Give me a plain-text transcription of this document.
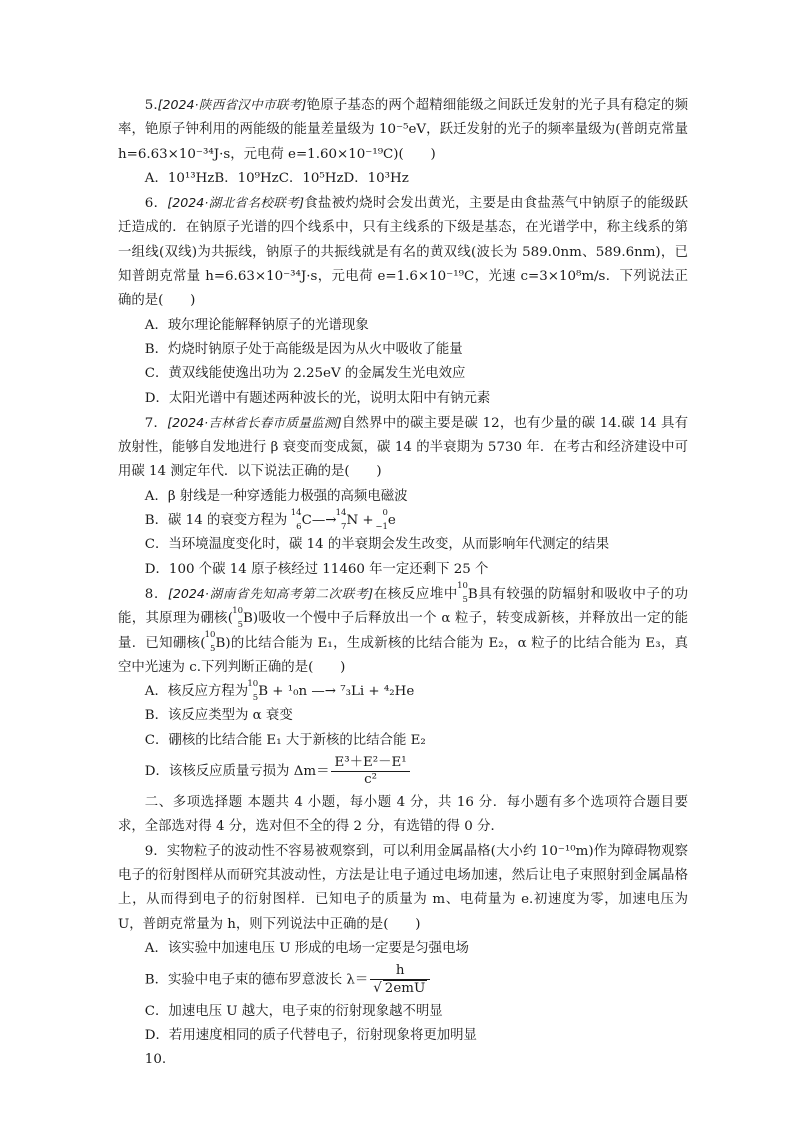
5.[2024·陕西省汉中市联考]铯原子基态的两个超精细能级之间跃迁发射的光子具有稳定的频率，铯原子钟利用的两能级的能量差量级为 10⁻⁵eV，跃迁发射的光子的频率量级为(普朗克常量 h=6.63×10⁻³⁴J·s，元电荷 e=1.60×10⁻¹⁹C)(　　)

A．10¹³HzB．10⁹HzC．10⁵HzD．10³Hz

6．[2024·湖北省名校联考]食盐被灼烧时会发出黄光，主要是由食盐蒸气中钠原子的能级跃迁造成的．在钠原子光谱的四个线系中，只有主线系的下级是基态，在光谱学中，称主线系的第一组线(双线)为共振线，钠原子的共振线就是有名的黄双线(波长为 589.0nm、589.6nm)，已知普朗克常量 h=6.63×10⁻³⁴J·s，元电荷 e=1.6×10⁻¹⁹C，光速 c=3×10⁸m/s．下列说法正确的是(　　)

A．玻尔理论能解释钠原子的光谱现象

B．灼烧时钠原子处于高能级是因为从火中吸收了能量

C．黄双线能使逸出功为 2.25eV 的金属发生光电效应

D．太阳光谱中有题述两种波长的光，说明太阳中有钠元素

7．[2024·吉林省长春市质量监测]自然界中的碳主要是碳 12，也有少量的碳 14.碳 14 具有放射性，能够自发地进行 β 衰变而变成氮，碳 14 的半衰期为 5730 年．在考古和经济建设中可用碳 14 测定年代．以下说法正确的是(　　)

A．β 射线是一种穿透能力极强的高频电磁波

B．碳 14 的衰变方程为
14
6 C—→
14
7 N +
0
−1 e

C．当环境温度变化时，碳 14 的半衰期会发生改变，从而影响年代测定的结果

D．100 个碳 14 原子核经过 11460 年一定还剩下 25 个

8．[2024·湖南省先知高考第二次联考]在核反应堆中
10
5 B具有较强的防辐射和吸收中子的功能，其原理为硼核(
10
5 B)吸收一个慢中子后释放出一个 α 粒子，转变成新核，并释放出一定的能量．已知硼核(
10
5 B)的比结合能为 E₁，生成新核的比结合能为 E₂，α 粒子的比结合能为 E₃，真空中光速为 c.下列判断正确的是(　　)

A．核反应方程为
10
5 B + ¹₀n —→ ⁷₃Li + ⁴₂He

B．该反应类型为 α 衰变

C．硼核的比结合能 E₁ 大于新核的比结合能 E₂

D．该核反应质量亏损为 $\Delta m= \frac{\text{E³＋E²－E¹}}{\text{c²}}$

二、多项选择题 本题共 4 小题，每小题 4 分，共 16 分．每小题有多个选项符合题目要求，全部选对得 4 分，选对但不全的得 2 分，有选错的得 0 分．

9．实物粒子的波动性不容易被观察到，可以利用金属晶格(大小约 10⁻¹⁰m)作为障碍物观察电子的衍射图样从而研究其波动性，方法是让电子通过电场加速，然后让电子束照射到金属晶格上，从而得到电子的衍射图样．已知电子的质量为 m、电荷量为 e.初速度为零，加速电压为 U，普朗克常量为 h，则下列说法中正确的是(　　)

A．该实验中加速电压 U 形成的电场一定要是匀强电场

B．实验中电子束的德布罗意波长 $\lambda= \frac{h}{\text{√ 2emU}}$

C．加速电压 U 越大，电子束的衍射现象越不明显

D．若用速度相同的质子代替电子，衍射现象将更加明显

10.
